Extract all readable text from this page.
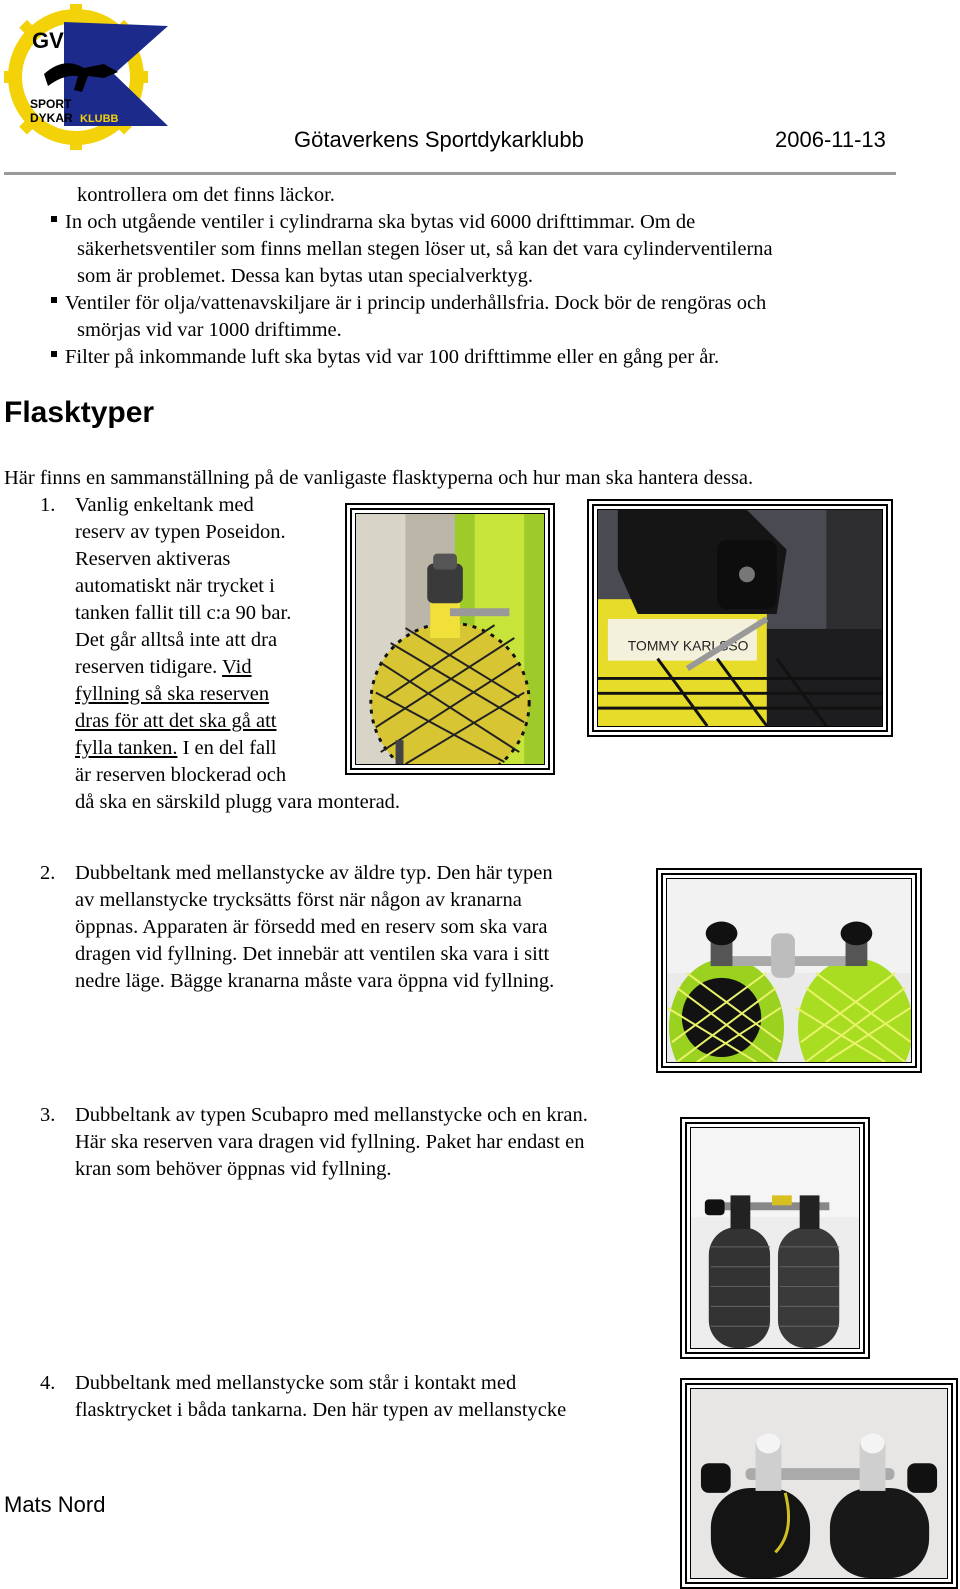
GV
SPORT
DYKAR KLUBB
Götaverkens Sportdykarklubb	2006-11-13
kontrollera om det finns läckor.
In och utgående ventiler i cylindrarna ska bytas vid 6000 drifttimmar. Om de
säkerhetsventiler som finns mellan stegen löser ut, så kan det vara cylinderventilerna
som är problemet. Dessa kan bytas utan specialverktyg.
Ventiler för olja/vattenavskiljare är i princip underhållsfria. Dock bör de rengöras och
smörjas vid var 1000 driftimme.
Filter på inkommande luft ska bytas vid var 100 drifttimme eller en gång per år.
Flasktyper
Här finns en sammanställning på de vanligaste flasktyperna och hur man ska hantera dessa.
1. Vanlig enkeltank med
reserv av typen Poseidon.
Reserven aktiveras
automatiskt när trycket i
tanken fallit till c:a 90 bar.
Det går alltså inte att dra
reserven tidigare. Vid
fyllning så ska reserven
dras för att det ska gå att
fylla tanken. I en del fall
är reserven blockerad och
då ska en särskild plugg vara monterad.
TOMMY KARLSSO
2. Dubbeltank med mellanstycke av äldre typ. Den här typen
av mellanstycke trycksätts först när någon av kranarna
öppnas. Apparaten är försedd med en reserv som ska vara
dragen vid fyllning. Det innebär att ventilen ska vara i sitt
nedre läge. Bägge kranarna måste vara öppna vid fyllning.
3. Dubbeltank av typen Scubapro med mellanstycke och en kran.
Här ska reserven vara dragen vid fyllning. Paket har endast en
kran som behöver öppnas vid fyllning.
4. Dubbeltank med mellanstycke som står i kontakt med
flasktrycket i båda tankarna. Den här typen av mellanstycke
Mats Nord
